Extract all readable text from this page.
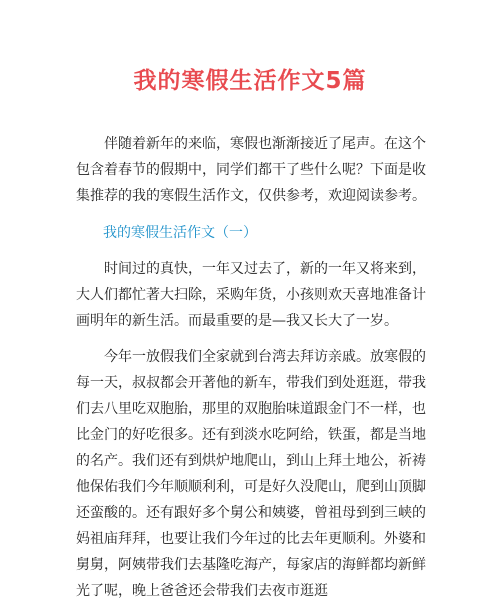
我的寒假生活作文5篇

伴随着新年的来临，寒假也渐渐接近了尾声。在这个包含着春节的假期中，同学们都干了些什么呢？下面是收集推荐的我的寒假生活作文，仅供参考，欢迎阅读参考。

我的寒假生活作文（一）

时间过的真快，一年又过去了，新的一年又将来到，大人们都忙著大扫除，采购年货，小孩则欢天喜地准备计画明年的新生活。而最重要的是—我又长大了一岁。

今年一放假我们全家就到台湾去拜访亲戚。放寒假的每一天，叔叔都会开著他的新车，带我们到处逛逛，带我们去八里吃双胞胎，那里的双胞胎味道跟金门不一样，也比金门的好吃很多。还有到淡水吃阿给，铁蛋，都是当地的名产。我们还有到烘炉地爬山，到山上拜土地公，祈祷他保佑我们今年顺顺利利，可是好久没爬山，爬到山顶脚还蛮酸的。还有跟好多个舅公和姨婆，曾祖母到到三峡的妈祖庙拜拜，也要让我们今年过的比去年更顺利。外婆和舅舅，阿姨带我们去基隆吃海产，每家店的海鲜都均新鲜光了呢，晚上爸爸还会带我们去夜市逛逛
